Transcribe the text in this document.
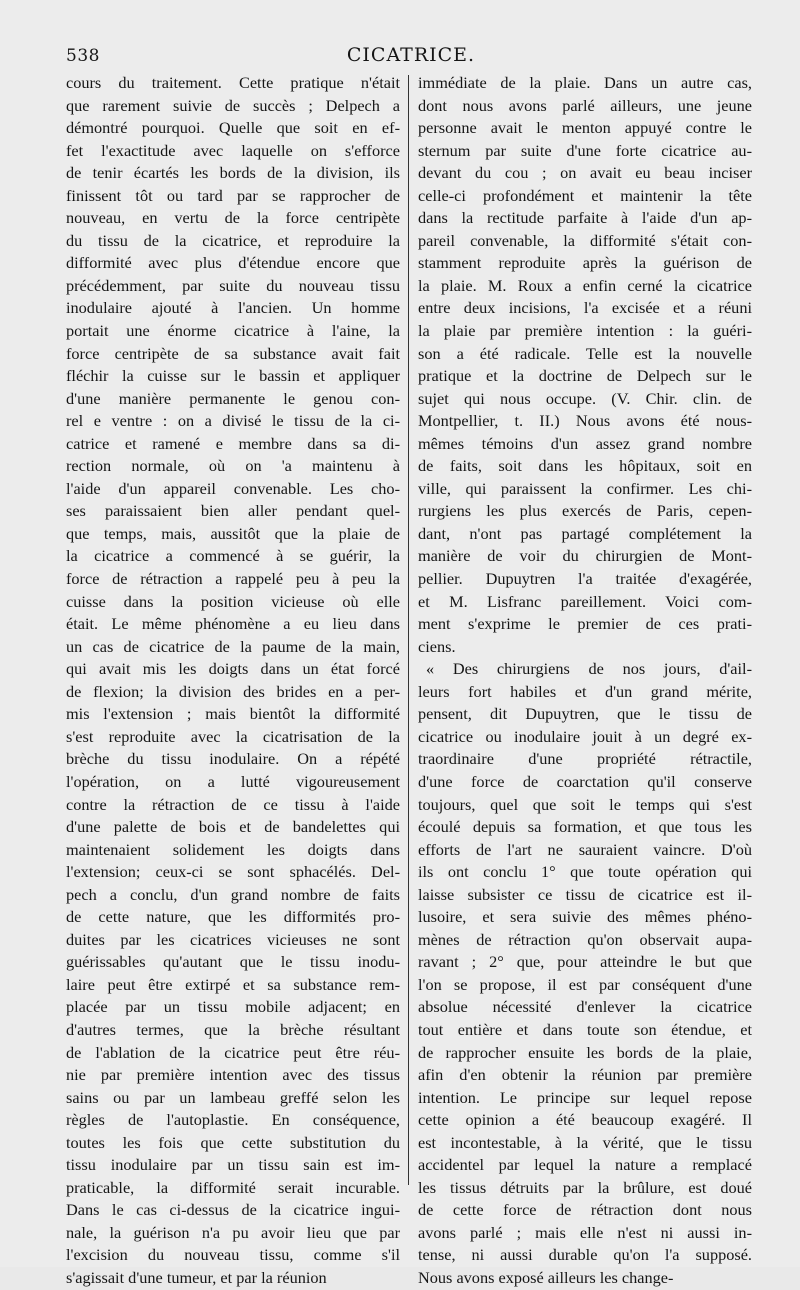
538	CICATRICE.
cours du traitement. Cette pratique n'était
que rarement suivie de succès ; Delpech a
démontré pourquoi. Quelle que soit en ef-
fet l'exactitude avec laquelle on s'efforce
de tenir écartés les bords de la division, ils
finissent tôt ou tard par se rapprocher de
nouveau, en vertu de la force centripète
du tissu de la cicatrice, et reproduire la
difformité avec plus d'étendue encore que
précédemment, par suite du nouveau tissu
inodulaire ajouté à l'ancien. Un homme
portait une énorme cicatrice à l'aine, la
force centripète de sa substance avait fait
fléchir la cuisse sur le bassin et appliquer
d'une manière permanente le genou con-
rel e ventre : on a divisé le tissu de la ci-
catrice et ramené e membre dans sa di-
rection normale, où on 'a maintenu à
l'aide d'un appareil convenable. Les cho-
ses paraissaient bien aller pendant quel-
que temps, mais, aussitôt que la plaie de
la cicatrice a commencé à se guérir, la
force de rétraction a rappelé peu à peu la
cuisse dans la position vicieuse où elle
était. Le même phénomène a eu lieu dans
un cas de cicatrice de la paume de la main,
qui avait mis les doigts dans un état forcé
de flexion; la division des brides en a per-
mis l'extension ; mais bientôt la difformité
s'est reproduite avec la cicatrisation de la
brèche du tissu inodulaire. On a répété
l'opération, on a lutté vigoureusement
contre la rétraction de ce tissu à l'aide
d'une palette de bois et de bandelettes qui
maintenaient solidement les doigts dans
l'extension; ceux-ci se sont sphacélés. Del-
pech a conclu, d'un grand nombre de faits
de cette nature, que les difformités pro-
duites par les cicatrices vicieuses ne sont
guérissables qu'autant que le tissu inodu-
laire peut être extirpé et sa substance rem-
placée par un tissu mobile adjacent; en
d'autres termes, que la brèche résultant
de l'ablation de la cicatrice peut être réu-
nie par première intention avec des tissus
sains ou par un lambeau greffé selon les
règles de l'autoplastie. En conséquence,
toutes les fois que cette substitution du
tissu inodulaire par un tissu sain est im-
praticable, la difformité serait incurable.
Dans le cas ci-dessus de la cicatrice ingui-
nale, la guérison n'a pu avoir lieu que par
l'excision du nouveau tissu, comme s'il
s'agissait d'une tumeur, et par la réunion
immédiate de la plaie. Dans un autre cas,
dont nous avons parlé ailleurs, une jeune
personne avait le menton appuyé contre le
sternum par suite d'une forte cicatrice au-
devant du cou ; on avait eu beau inciser
celle-ci profondément et maintenir la tête
dans la rectitude parfaite à l'aide d'un ap-
pareil convenable, la difformité s'était con-
stamment reproduite après la guérison de
la plaie. M. Roux a enfin cerné la cicatrice
entre deux incisions, l'a excisée et a réuni
la plaie par première intention : la guéri-
son a été radicale. Telle est la nouvelle
pratique et la doctrine de Delpech sur le
sujet qui nous occupe. (V. Chir. clin. de
Montpellier, t. II.) Nous avons été nous-
mêmes témoins d'un assez grand nombre
de faits, soit dans les hôpitaux, soit en
ville, qui paraissent la confirmer. Les chi-
rurgiens les plus exercés de Paris, cepen-
dant, n'ont pas partagé complétement la
manière de voir du chirurgien de Mont-
pellier. Dupuytren l'a traitée d'exagérée,
et M. Lisfranc pareillement. Voici com-
ment s'exprime le premier de ces prati-
ciens.
« Des chirurgiens de nos jours, d'ail-
leurs fort habiles et d'un grand mérite,
pensent, dit Dupuytren, que le tissu de
cicatrice ou inodulaire jouit à un degré ex-
traordinaire d'une propriété rétractile,
d'une force de coarctation qu'il conserve
toujours, quel que soit le temps qui s'est
écoulé depuis sa formation, et que tous les
efforts de l'art ne sauraient vaincre. D'où
ils ont conclu 1° que toute opération qui
laisse subsister ce tissu de cicatrice est il-
lusoire, et sera suivie des mêmes phéno-
mènes de rétraction qu'on observait aupa-
ravant ; 2° que, pour atteindre le but que
l'on se propose, il est par conséquent d'une
absolue nécessité d'enlever la cicatrice
tout entière et dans toute son étendue, et
de rapprocher ensuite les bords de la plaie,
afin d'en obtenir la réunion par première
intention. Le principe sur lequel repose
cette opinion a été beaucoup exagéré. Il
est incontestable, à la vérité, que le tissu
accidentel par lequel la nature a remplacé
les tissus détruits par la brûlure, est doué
de cette force de rétraction dont nous
avons parlé ; mais elle n'est ni aussi in-
tense, ni aussi durable qu'on l'a supposé.
Nous avons exposé ailleurs les change-
